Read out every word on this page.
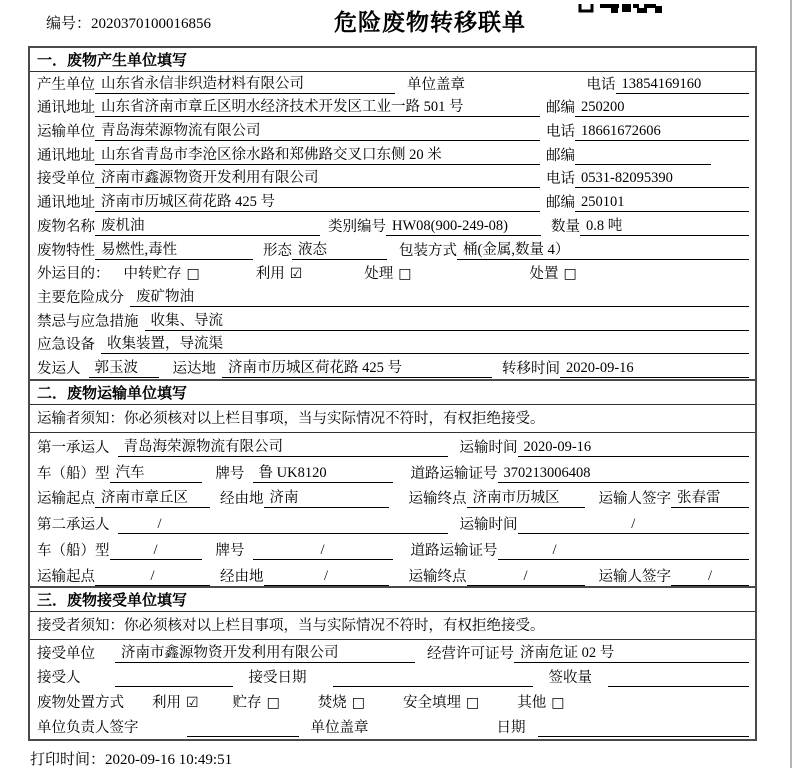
编号：2020370100016856	危险废物转移联单
一．废物产生单位填写
产生单位 山东省永信非织造材料有限公司	单位盖章	电话 13854169160
通讯地址 山东省济南市章丘区明水经济技术开发区工业一路 501 号	邮编 250200
运输单位 青岛海荣源物流有限公司	电话 18661672606
通讯地址 山东省青岛市李沧区徐水路和郑佛路交叉口东侧 20 米	邮编
接受单位 济南市鑫源物资开发利用有限公司	电话 0531-82095390
通讯地址 济南市历城区荷花路 425 号	邮编 250101
废物名称 废机油	类别编号 HW08(900-249-08)	数量 0.8 吨
废物特性 易燃性,毒性	形态 液态	包装方式 桶(金属,数量 4）
外运目的： 中转贮存 □	利用 ☑	处理 □	处置 □
主要危险成分 废矿物油
禁忌与应急措施 收集、导流
应急设备 收集装置，导流渠
发运人 郭玉波	运达地 济南市历城区荷花路 425 号	转移时间 2020-09-16
二．废物运输单位填写
运输者须知：你必须核对以上栏目事项，当与实际情况不符时，有权拒绝接受。
第一承运人 青岛海荣源物流有限公司	运输时间 2020-09-16
车（船）型 汽车	牌号 鲁 UK8120	道路运输证号 370213006408
运输起点 济南市章丘区	经由地 济南	运输终点 济南市历城区	运输人签字 张春雷
第二承运人	/	运输时间	/
车（船）型	/	牌号	/	道路运输证号	/
运输起点	/	经由地	/	运输终点	/	运输人签字	/
三．废物接受单位填写
接受者须知：你必须核对以上栏目事项，当与实际情况不符时，有权拒绝接受。
接受单位	济南市鑫源物资开发利用有限公司	经营许可证号 济南危证 02 号
接受人	接受日期	签收量
废物处置方式 利用 ☑ 贮存 □	焚烧 □	安全填埋 □	其他 □
单位负责人签字	单位盖章	日期
打印时间：2020-09-16 10:49:51
